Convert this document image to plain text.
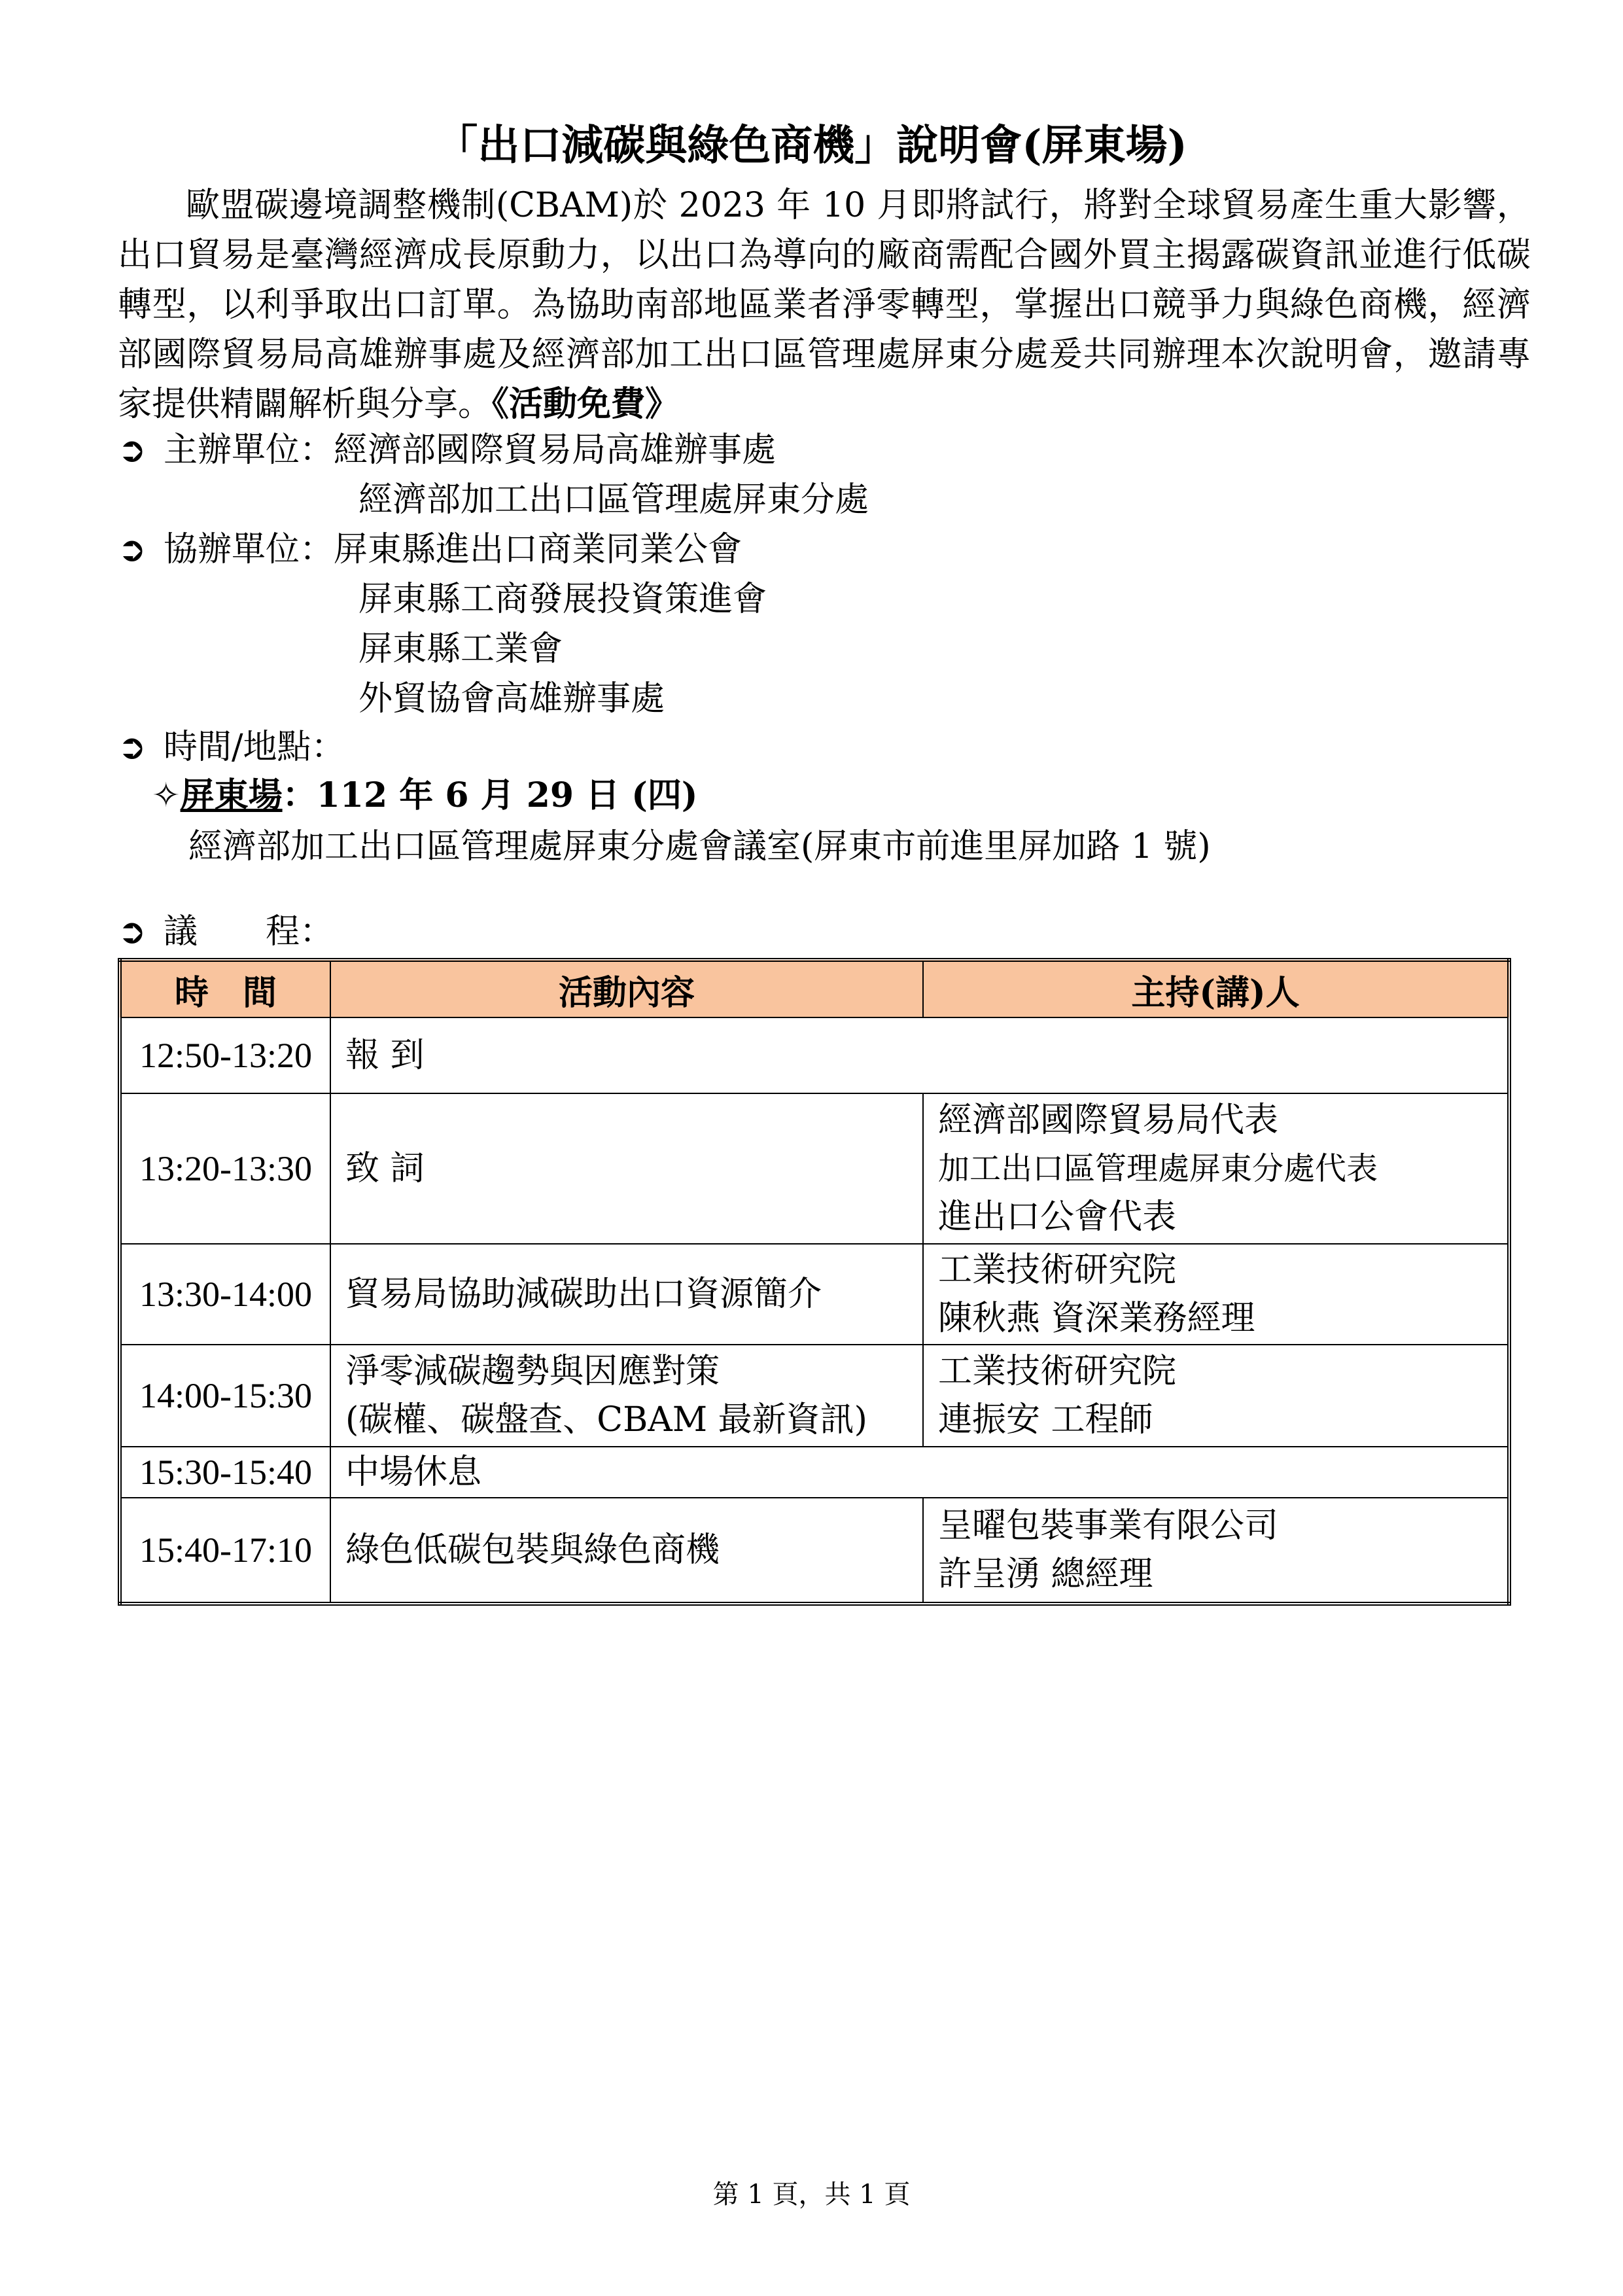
「出口減碳與綠色商機」說明會(屏東場)

歐盟碳邊境調整機制(CBAM)於 2023 年 10 月即將試行，將對全球貿易產生重大影響，出口貿易是臺灣經濟成長原動力，以出口為導向的廠商需配合國外買主揭露碳資訊並進行低碳轉型，以利爭取出口訂單。為協助南部地區業者淨零轉型，掌握出口競爭力與綠色商機，經濟部國際貿易局高雄辦事處及經濟部加工出口區管理處屏東分處爰共同辦理本次說明會，邀請專家提供精闢解析與分享。《活動免費》

➲ 主辦單位：經濟部國際貿易局高雄辦事處
經濟部加工出口區管理處屏東分處
➲ 協辦單位：屏東縣進出口商業同業公會
屏東縣工商發展投資策進會
屏東縣工業會
外貿協會高雄辦事處
➲ 時間/地點：
✧屏東場：112 年 6 月 29 日 (四)
經濟部加工出口區管理處屏東分處會議室(屏東市前進里屏加路 1 號)
➲ 議　　程：
時　間	活動內容	主持(講)人
12:50-13:20	報 到	

13:20-13:30	致 詞	經濟部國際貿易局代表
加工出口區管理處屏東分處代表
進出口公會代表

13:30-14:00	貿易局協助減碳助出口資源簡介	工業技術研究院
陳秋燕 資深業務經理

14:00-15:30	淨零減碳趨勢與因應對策
(碳權、碳盤查、CBAM 最新資訊)	工業技術研究院
連振安 工程師

15:30-15:40	中場休息	

15:40-17:10	綠色低碳包裝與綠色商機	呈曜包裝事業有限公司
許呈湧 總經理
第 1 頁，共 1 頁
